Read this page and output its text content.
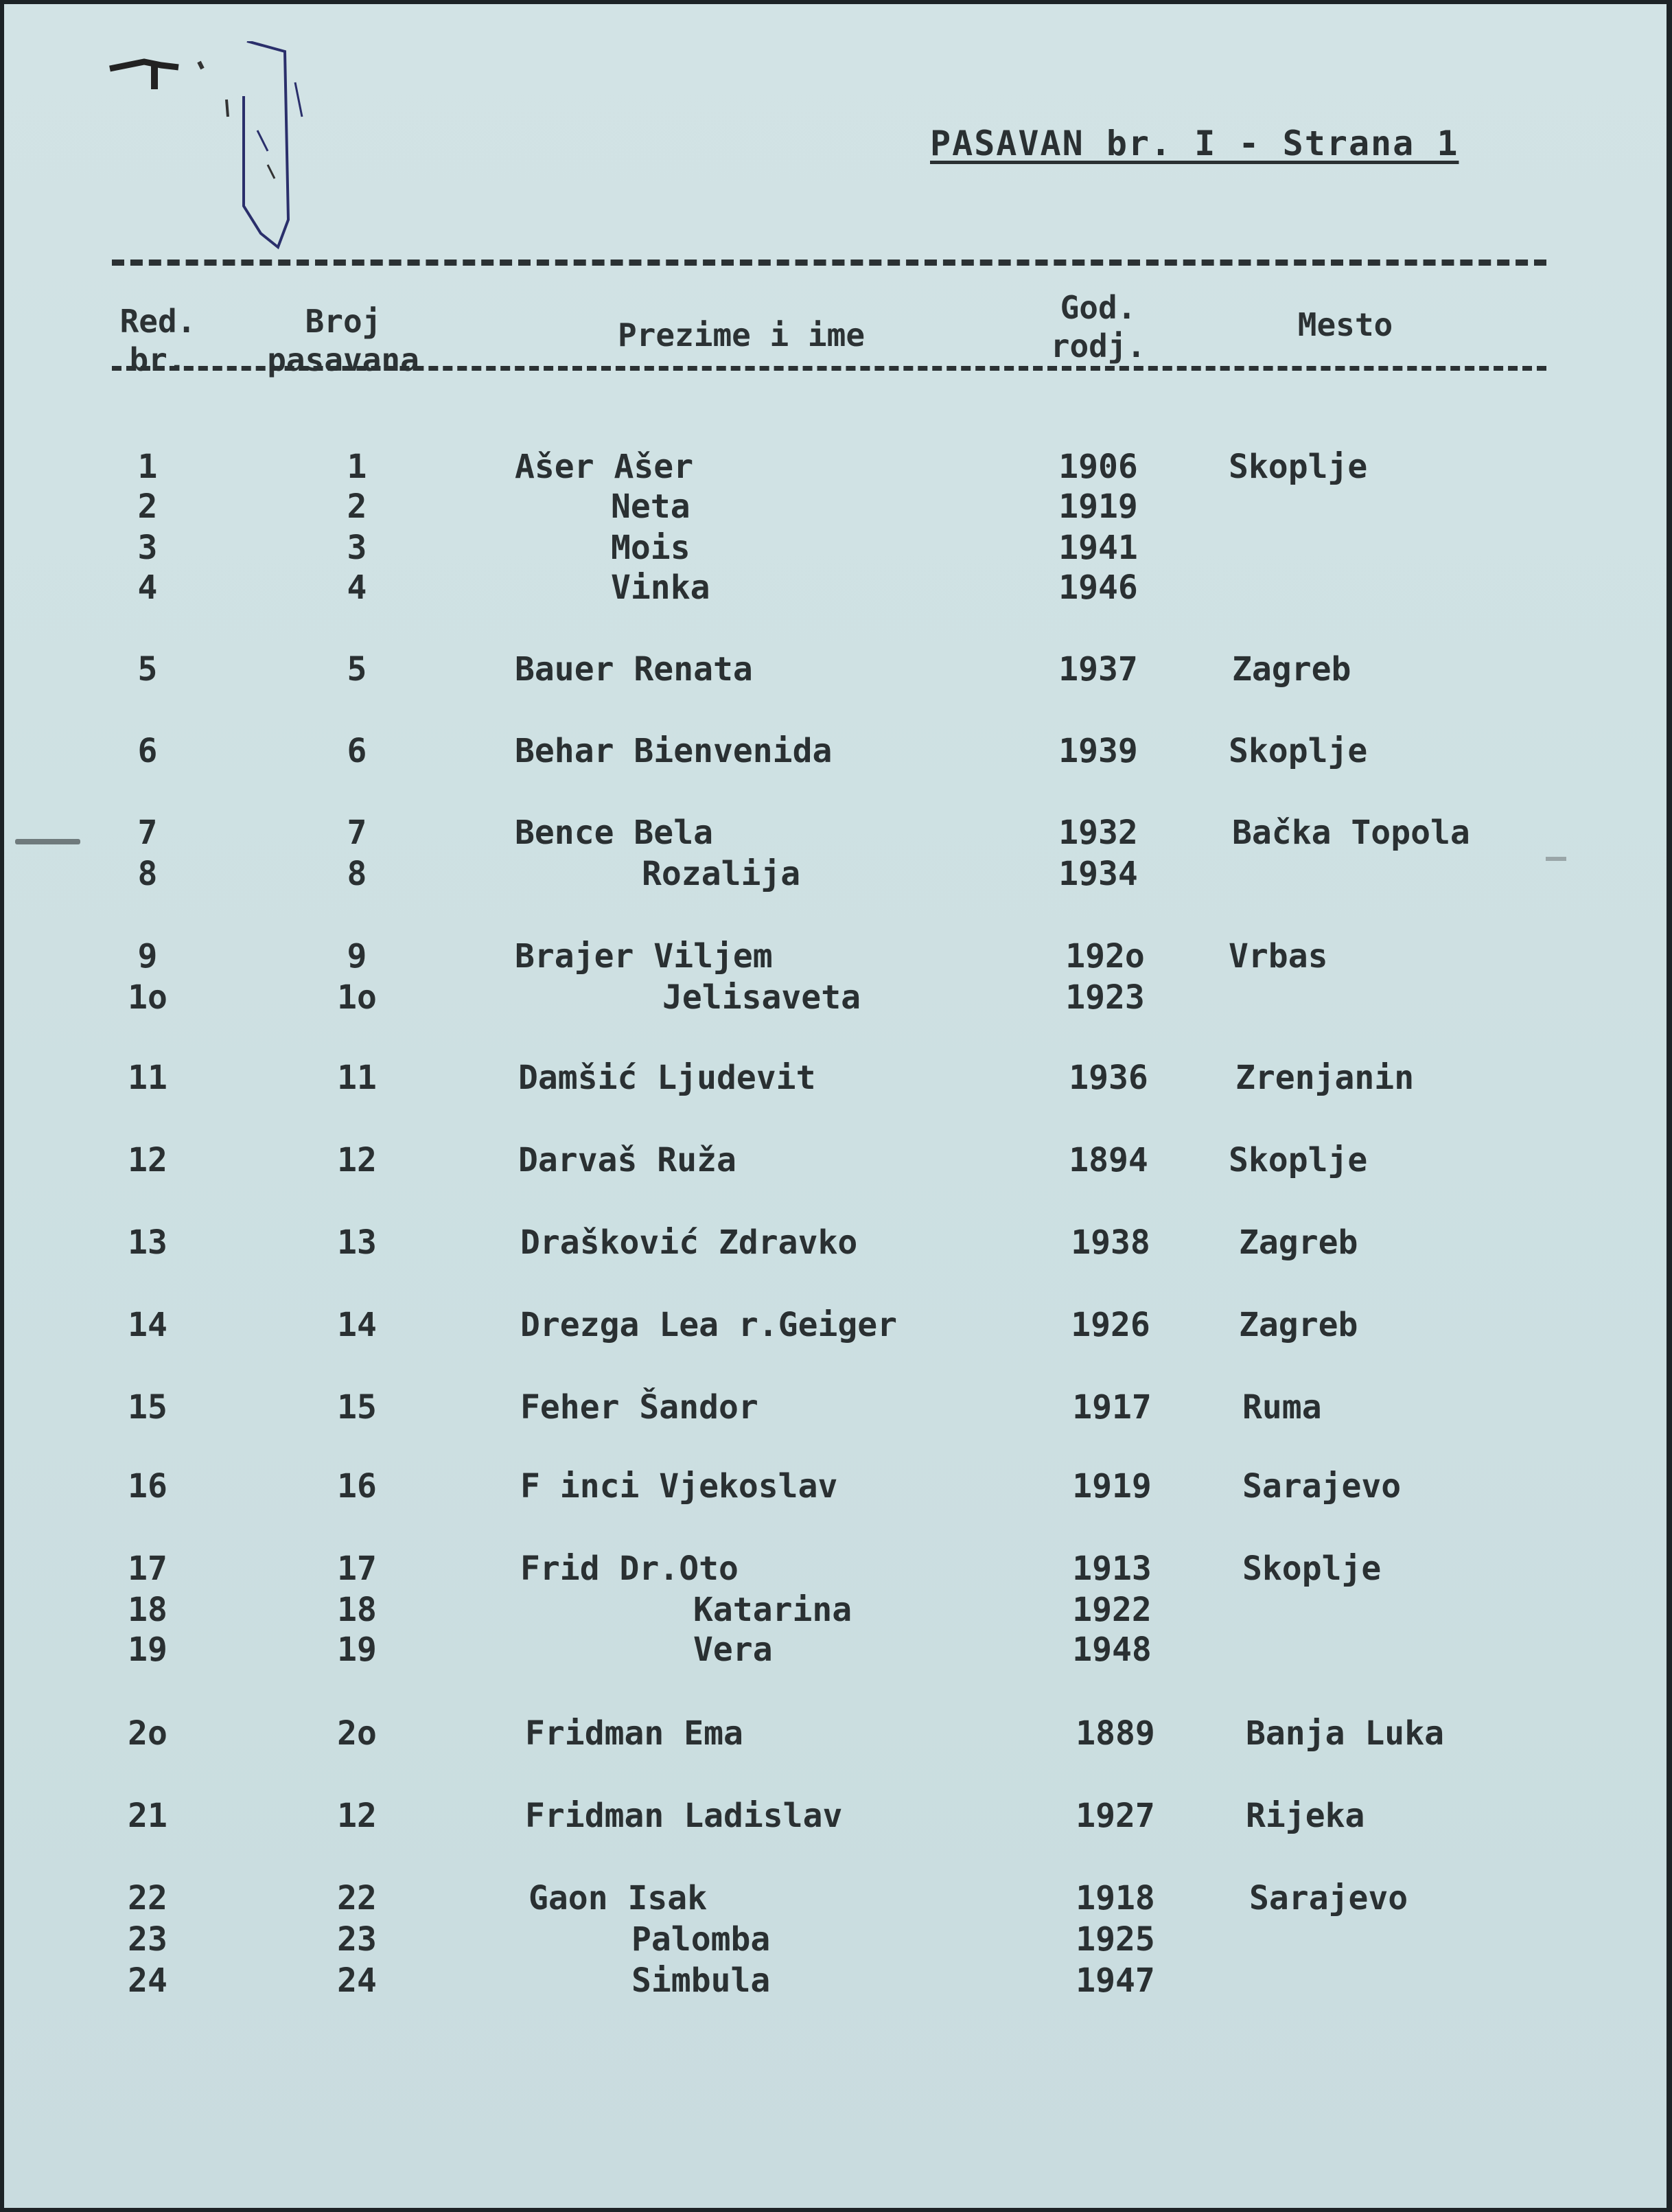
PASAVAN br. I - Strana 1
Red.
br.
Broj
pasavana
Prezime i ime
God.
rodj.
Mesto
1	1	Ašer Ašer	1906	Skoplje
2	2	Neta	1919
3	3	Mois	1941
4	4	Vinka	1946
5	5	Bauer Renata	1937	Zagreb
6	6	Behar Bienvenida	1939	Skoplje
7	7	Bence Bela	1932	Bačka Topola
8	8	Rozalija	1934
9	9	Brajer Viljem	192o	Vrbas
1o	1o	Jelisaveta	1923
11	11	Damšić Ljudevit	1936	Zrenjanin
12	12	Darvaš Ruža	1894	Skoplje
13	13	Drašković Zdravko	1938	Zagreb
14	14	Drezga Lea r.Geiger	1926	Zagreb
15	15	Feher Šandor	1917	Ruma
16	16	F inci Vjekoslav	1919	Sarajevo
17	17	Frid Dr.Oto	1913	Skoplje
18	18	Katarina	1922
19	19	Vera	1948
2o	2o	Fridman Ema	1889	Banja Luka
21	12	Fridman Ladislav	1927	Rijeka
22	22	Gaon Isak	1918	Sarajevo
23	23	Palomba	1925
24	24	Simbula	1947
